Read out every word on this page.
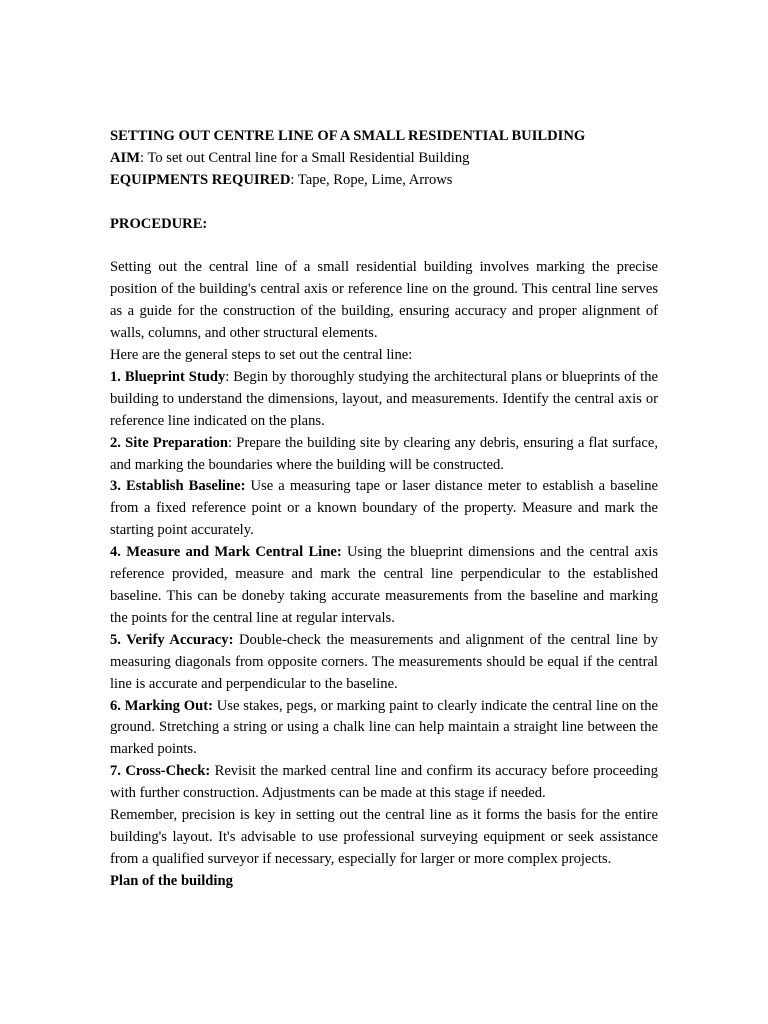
SETTING OUT CENTRE LINE OF A SMALL RESIDENTIAL BUILDING
AIM: To set out Central line for a Small Residential Building
EQUIPMENTS REQUIRED: Tape, Rope, Lime, Arrows
PROCEDURE:
Setting out the central line of a small residential building involves marking the precise position of the building's central axis or reference line on the ground. This central line serves as a guide for the construction of the building, ensuring accuracy and proper alignment of walls, columns, and other structural elements.
Here are the general steps to set out the central line:
1. Blueprint Study: Begin by thoroughly studying the architectural plans or blueprints of the building to understand the dimensions, layout, and measurements. Identify the central axis or reference line indicated on the plans.
2. Site Preparation: Prepare the building site by clearing any debris, ensuring a flat surface, and marking the boundaries where the building will be constructed.
3. Establish Baseline: Use a measuring tape or laser distance meter to establish a baseline from a fixed reference point or a known boundary of the property. Measure and mark the starting point accurately.
4. Measure and Mark Central Line: Using the blueprint dimensions and the central axis reference provided, measure and mark the central line perpendicular to the established baseline. This can be doneby taking accurate measurements from the baseline and marking the points for the central line at regular intervals.
5. Verify Accuracy: Double-check the measurements and alignment of the central line by measuring diagonals from opposite corners. The measurements should be equal if the central line is accurate and perpendicular to the baseline.
6. Marking Out: Use stakes, pegs, or marking paint to clearly indicate the central line on the ground. Stretching a string or using a chalk line can help maintain a straight line between the marked points.
7. Cross-Check: Revisit the marked central line and confirm its accuracy before proceeding with further construction. Adjustments can be made at this stage if needed.
Remember, precision is key in setting out the central line as it forms the basis for the entire building's layout. It's advisable to use professional surveying equipment or seek assistance from a qualified surveyor if necessary, especially for larger or more complex projects.
Plan of the building
